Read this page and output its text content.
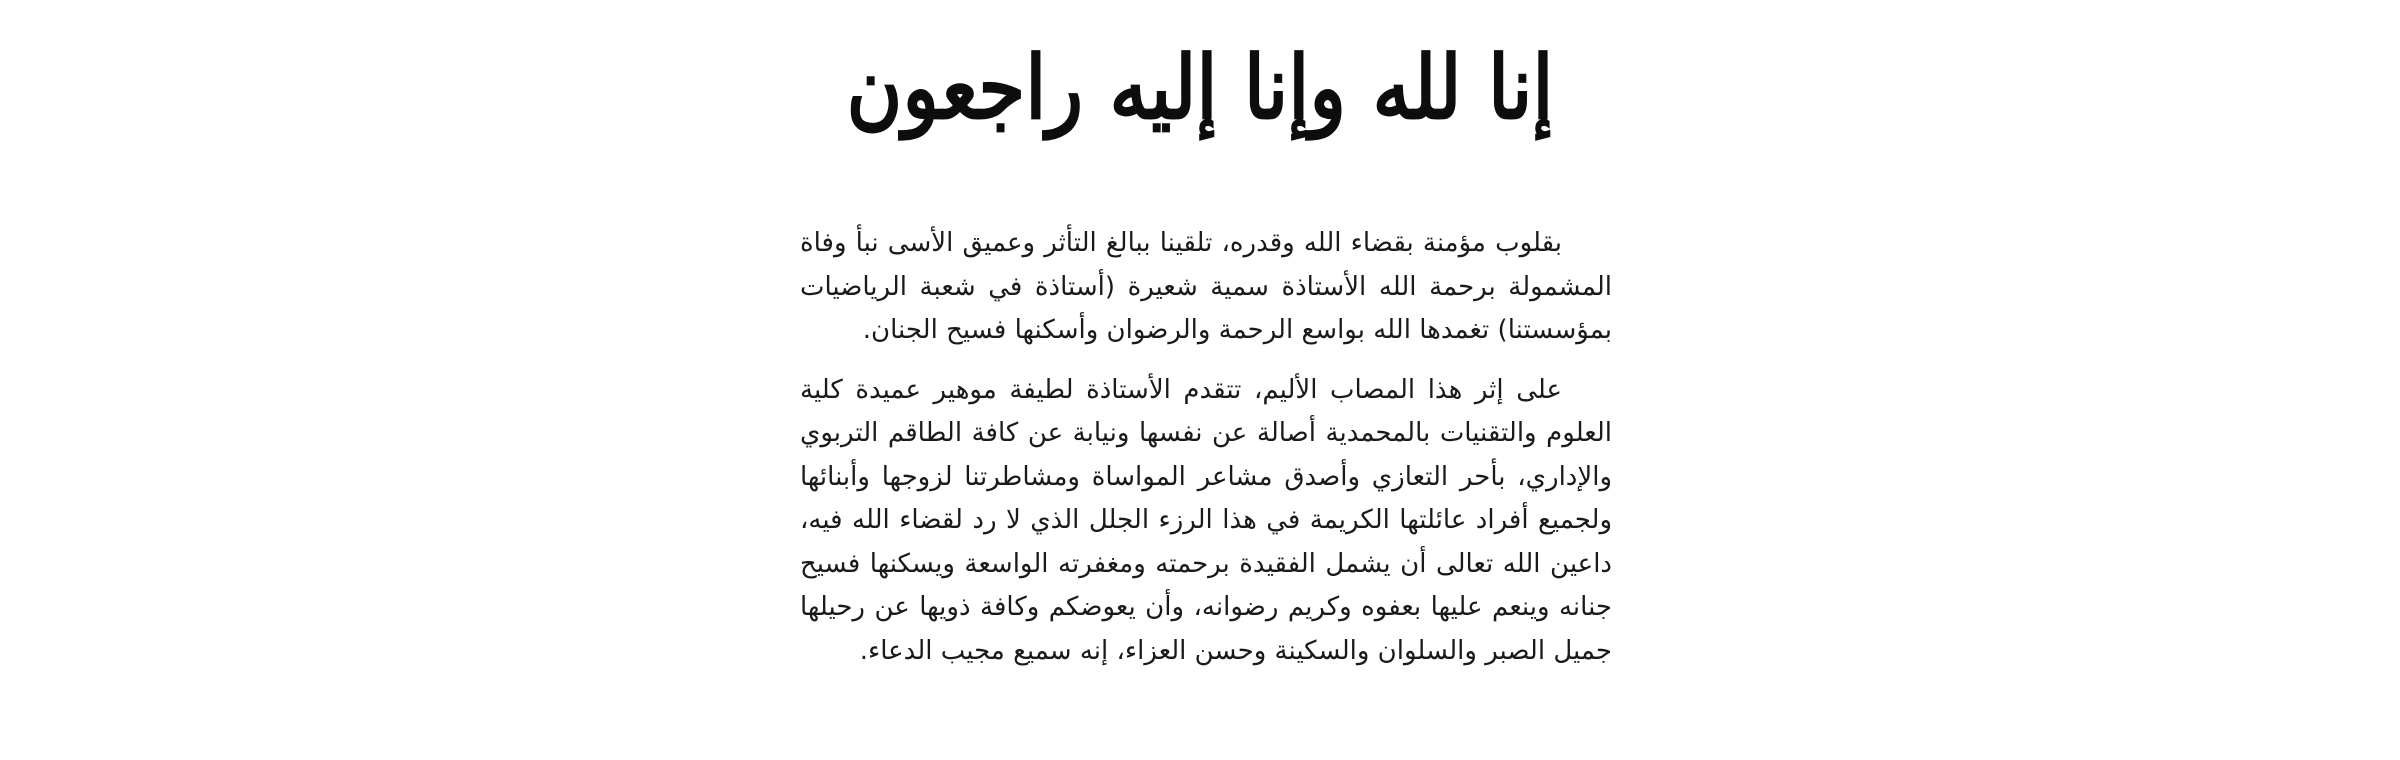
إنا لله وإنا إليه راجعون

بقلوب مؤمنة بقضاء الله وقدره، تلقينا ببالغ التأثر وعميق الأسى نبأ وفاة المشمولة برحمة الله الأستاذة سمية شعيرة (أستاذة في شعبة الرياضيات بمؤسستنا) تغمدها الله بواسع الرحمة والرضوان وأسكنها فسيح الجنان.

على إثر هذا المصاب الأليم، تتقدم الأستاذة لطيفة موهير عميدة كلية العلوم والتقنيات بالمحمدية أصالة عن نفسها ونيابة عن كافة الطاقم التربوي والإداري، بأحر التعازي وأصدق مشاعر المواساة ومشاطرتنا لزوجها وأبنائها ولجميع أفراد عائلتها الكريمة في هذا الرزء الجلل الذي لا رد لقضاء الله فيه، داعين الله تعالى أن يشمل الفقيدة برحمته ومغفرته الواسعة ويسكنها فسيح جنانه وينعم عليها بعفوه وكريم رضوانه، وأن يعوضكم وكافة ذويها عن رحيلها جميل الصبر والسلوان والسكينة وحسن العزاء، إنه سميع مجيب الدعاء.
